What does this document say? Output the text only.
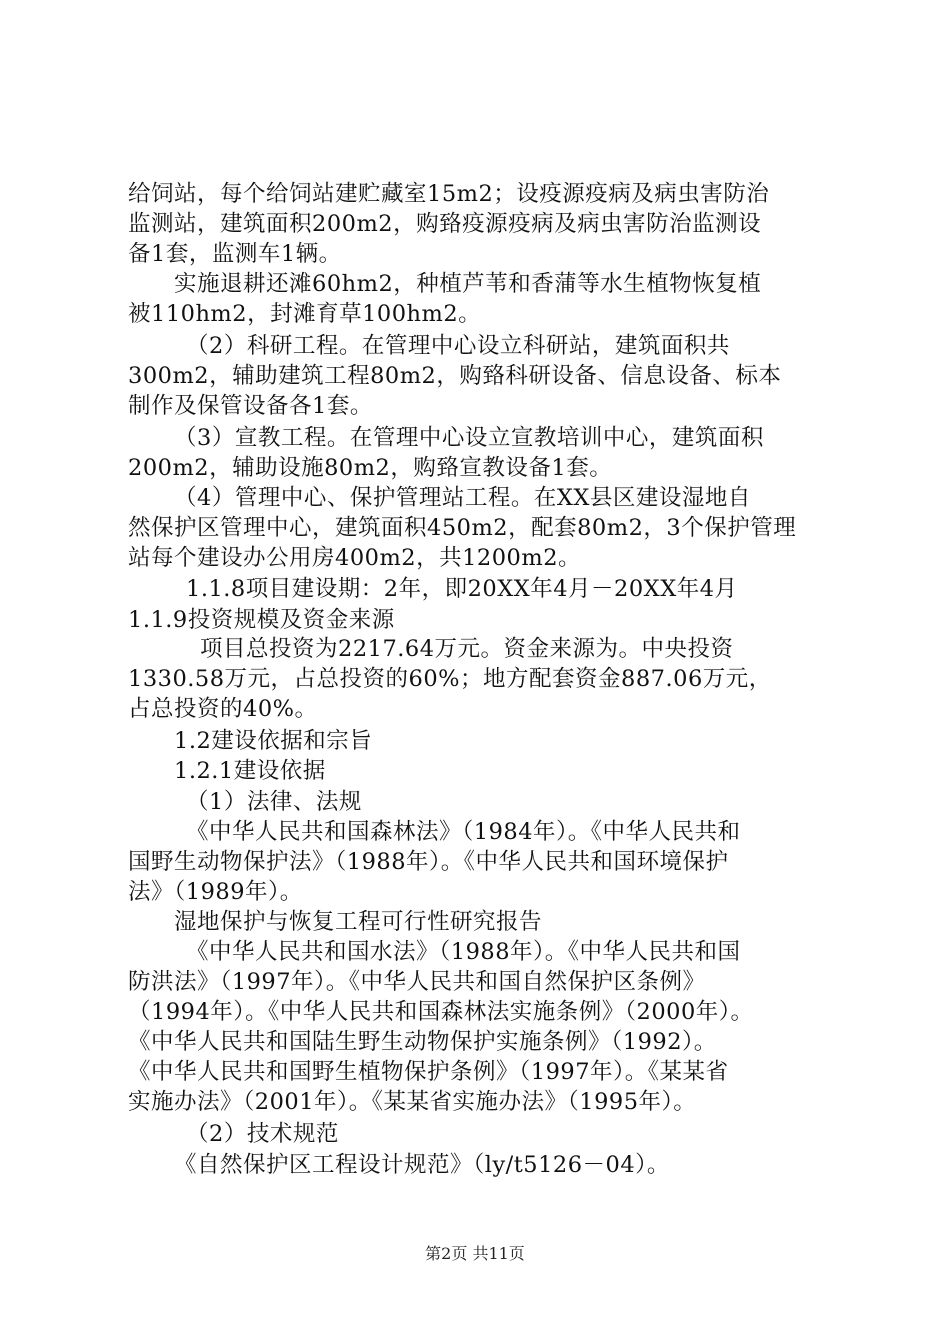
给饲站，每个给饲站建贮藏室15m2；设疫源疫病及病虫害防治
监测站，建筑面积200m2，购臵疫源疫病及病虫害防治监测设
备1套，监测车1辆。
实施退耕还滩60hm2，种植芦苇和香蒲等水生植物恢复植
被110hm2，封滩育草100hm2。
（2）科研工程。在管理中心设立科研站，建筑面积共
300m2，辅助建筑工程80m2，购臵科研设备、信息设备、标本
制作及保管设备各1套。
（3）宣教工程。在管理中心设立宣教培训中心，建筑面积
200m2，辅助设施80m2，购臵宣教设备1套。
（4）管理中心、保护管理站工程。在XX县区建设湿地自
然保护区管理中心，建筑面积450m2，配套80m2，3个保护管理
站每个建设办公用房400m2，共1200m2。
1.1.8项目建设期：2年，即20XX年4月－20XX年4月
1.1.9投资规模及资金来源
项目总投资为2217.64万元。资金来源为。中央投资
1330.58万元，占总投资的60%；地方配套资金887.06万元，
占总投资的40%。
1.2建设依据和宗旨
1.2.1建设依据
（1）法律、法规
《中华人民共和国森林法》（1984年）。《中华人民共和
国野生动物保护法》（1988年）。《中华人民共和国环境保护
法》（1989年）。
湿地保护与恢复工程可行性研究报告
《中华人民共和国水法》（1988年）。《中华人民共和国
防洪法》（1997年）。《中华人民共和国自然保护区条例》
（1994年）。《中华人民共和国森林法实施条例》（2000年）。
《中华人民共和国陆生野生动物保护实施条例》（1992）。
《中华人民共和国野生植物保护条例》（1997年）。《某某省
实施办法》（2001年）。《某某省实施办法》（1995年）。
（2）技术规范
《自然保护区工程设计规范》（ly/t5126－04）。
第2页 共11页
